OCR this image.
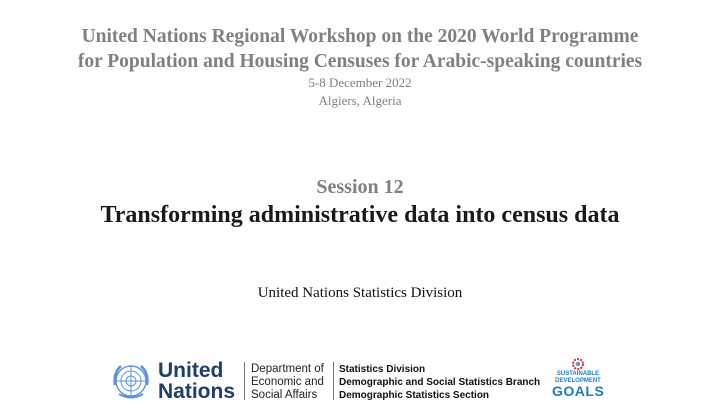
United Nations Regional Workshop on the 2020 World Programme
for Population and Housing Censuses for Arabic-speaking countries
5-8 December 2022
Algiers, Algeria
Session 12
Transforming administrative data into census data
United Nations Statistics Division
United
Nations
Department of
Economic and
Social Affairs
Statistics Division
Demographic and Social Statistics Branch
Demographic Statistics Section
SUSTAINABLE
DEVELOPMENT
GOALS
